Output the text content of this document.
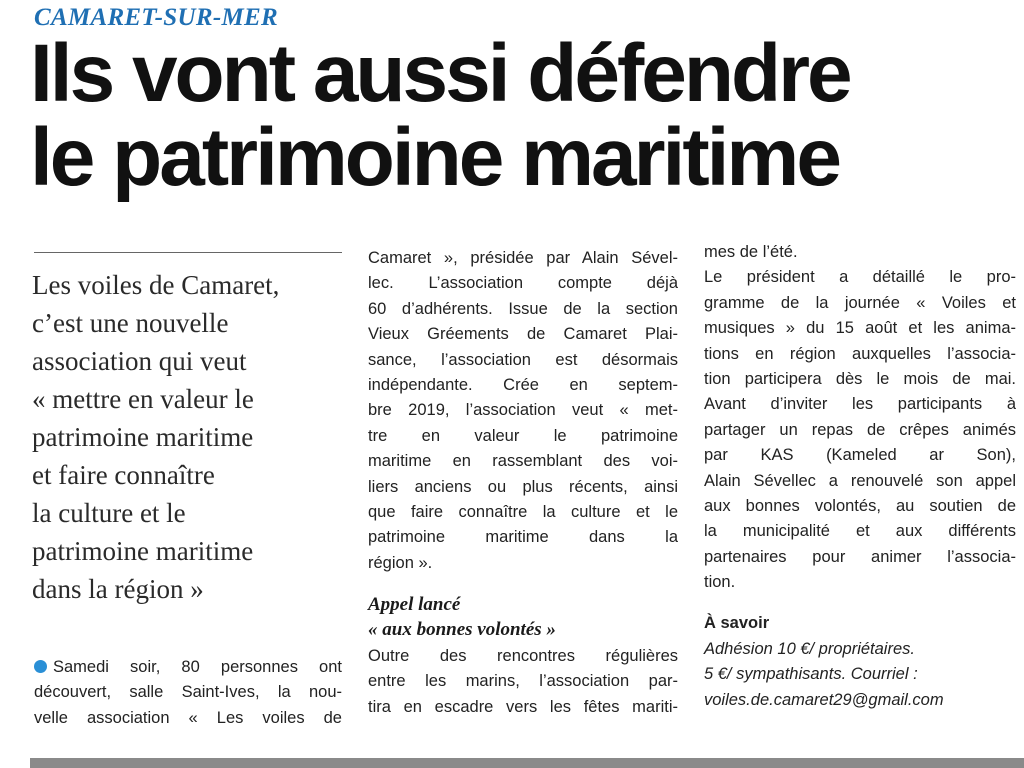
CAMARET-SUR-MER
Ils vont aussi défendre
le patrimoine maritime
Les voiles de Camaret,
c’est une nouvelle
association qui veut
« mettre en valeur le
patrimoine maritime
et faire connaître
la culture et le
patrimoine maritime
dans la région »
Samedi soir, 80 personnes ont
découvert, salle Saint-Ives, la nou-
velle association « Les voiles de
Camaret », présidée par Alain Sével-
lec. L’association compte déjà
60 d’adhérents. Issue de la section
Vieux Gréements de Camaret Plai-
sance, l’association est désormais
indépendante. Crée en septem-
bre 2019, l’association veut « met-
tre en valeur le patrimoine
maritime en rassemblant des voi-
liers anciens ou plus récents, ainsi
que faire connaître la culture et le
patrimoine maritime dans la
région ».
Appel lancé
« aux bonnes volontés »
Outre des rencontres régulières
entre les marins, l’association par-
tira en escadre vers les fêtes mariti-
mes de l’été.
Le président a détaillé le pro-
gramme de la journée « Voiles et
musiques » du 15 août et les anima-
tions en région auxquelles l’associa-
tion participera dès le mois de mai.
Avant d’inviter les participants à
partager un repas de crêpes animés
par KAS (Kameled ar Son),
Alain Sévellec a renouvelé son appel
aux bonnes volontés, au soutien de
la municipalité et aux différents
partenaires pour animer l’associa-
tion.
À savoir
Adhésion 10 €/ propriétaires.
5 €/ sympathisants. Courriel :
voiles.de.camaret29@gmail.com
